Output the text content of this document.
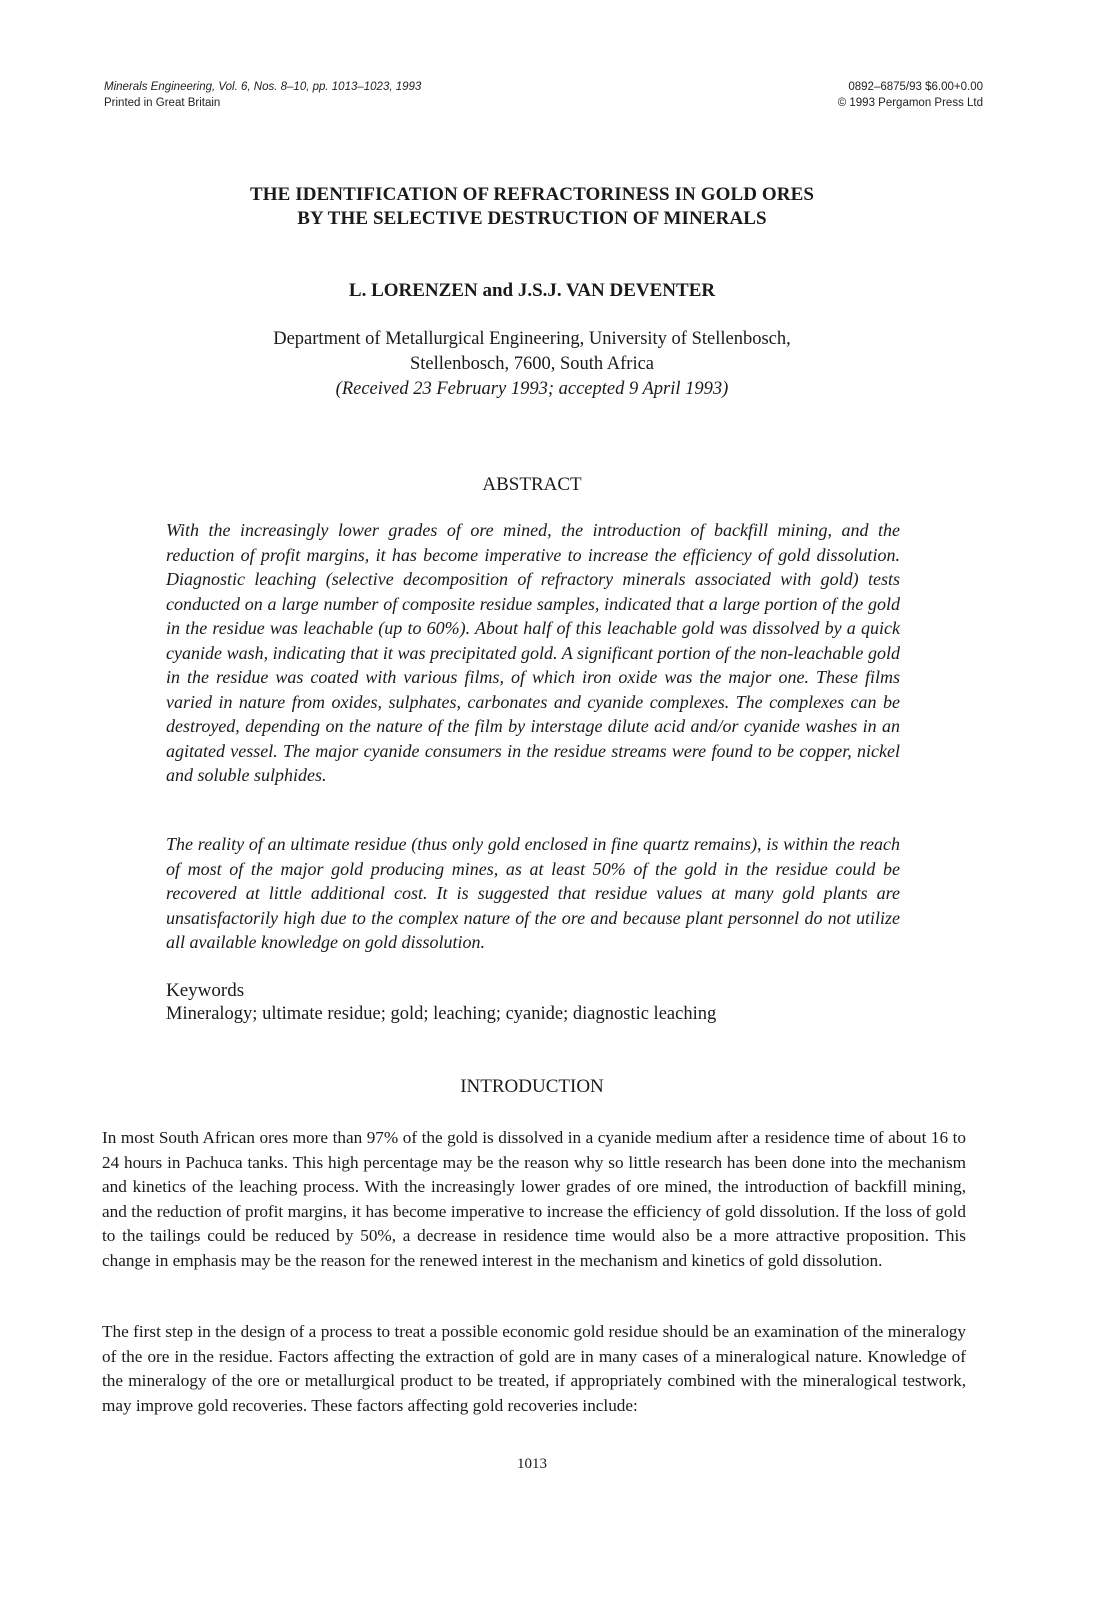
Minerals Engineering, Vol. 6, Nos. 8–10, pp. 1013–1023, 1993
Printed in Great Britain
0892–6875/93 $6.00+0.00
© 1993 Pergamon Press Ltd
THE IDENTIFICATION OF REFRACTORINESS IN GOLD ORES
BY THE SELECTIVE DESTRUCTION OF MINERALS
L. LORENZEN and J.S.J. VAN DEVENTER
Department of Metallurgical Engineering, University of Stellenbosch,
Stellenbosch, 7600, South Africa
(Received 23 February 1993; accepted 9 April 1993)
ABSTRACT
With the increasingly lower grades of ore mined, the introduction of backfill mining, and the reduction of profit margins, it has become imperative to increase the efficiency of gold dissolution. Diagnostic leaching (selective decomposition of refractory minerals associated with gold) tests conducted on a large number of composite residue samples, indicated that a large portion of the gold in the residue was leachable (up to 60%). About half of this leachable gold was dissolved by a quick cyanide wash, indicating that it was precipitated gold. A significant portion of the non-leachable gold in the residue was coated with various films, of which iron oxide was the major one. These films varied in nature from oxides, sulphates, carbonates and cyanide complexes. The complexes can be destroyed, depending on the nature of the film by interstage dilute acid and/or cyanide washes in an agitated vessel. The major cyanide consumers in the residue streams were found to be copper, nickel and soluble sulphides.
The reality of an ultimate residue (thus only gold enclosed in fine quartz remains), is within the reach of most of the major gold producing mines, as at least 50% of the gold in the residue could be recovered at little additional cost. It is suggested that residue values at many gold plants are unsatisfactorily high due to the complex nature of the ore and because plant personnel do not utilize all available knowledge on gold dissolution.
Keywords
Mineralogy; ultimate residue; gold; leaching; cyanide; diagnostic leaching
INTRODUCTION
In most South African ores more than 97% of the gold is dissolved in a cyanide medium after a residence time of about 16 to 24 hours in Pachuca tanks. This high percentage may be the reason why so little research has been done into the mechanism and kinetics of the leaching process. With the increasingly lower grades of ore mined, the introduction of backfill mining, and the reduction of profit margins, it has become imperative to increase the efficiency of gold dissolution. If the loss of gold to the tailings could be reduced by 50%, a decrease in residence time would also be a more attractive proposition. This change in emphasis may be the reason for the renewed interest in the mechanism and kinetics of gold dissolution.
The first step in the design of a process to treat a possible economic gold residue should be an examination of the mineralogy of the ore in the residue. Factors affecting the extraction of gold are in many cases of a mineralogical nature. Knowledge of the mineralogy of the ore or metallurgical product to be treated, if appropriately combined with the mineralogical testwork, may improve gold recoveries. These factors affecting gold recoveries include:
1013
